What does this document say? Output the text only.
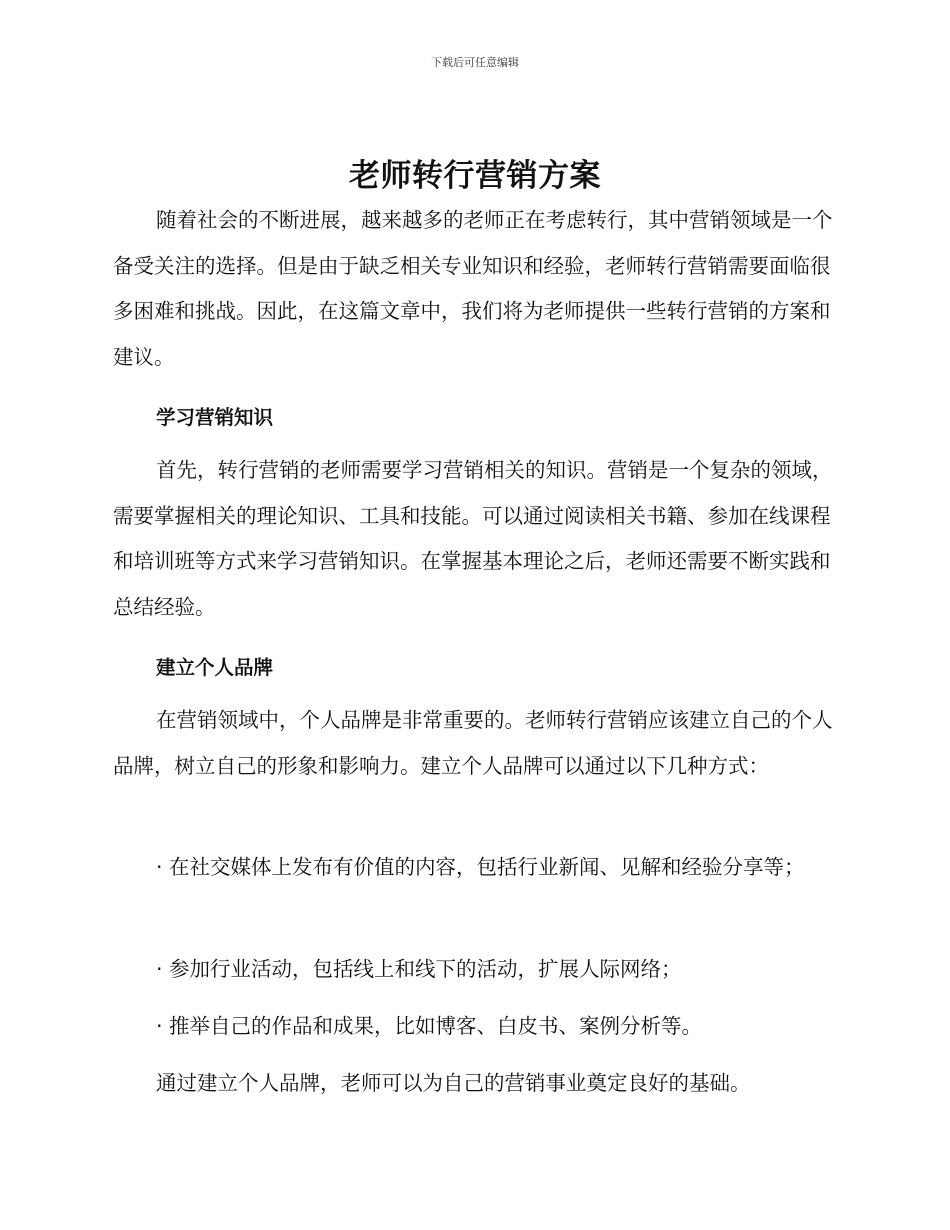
下载后可任意编辑
老师转行营销方案

随着社会的不断进展，越来越多的老师正在考虑转行，其中营销领域是一个备受关注的选择。但是由于缺乏相关专业知识和经验，老师转行营销需要面临很多困难和挑战。因此，在这篇文章中，我们将为老师提供一些转行营销的方案和建议。

学习营销知识

首先，转行营销的老师需要学习营销相关的知识。营销是一个复杂的领域，需要掌握相关的理论知识、工具和技能。可以通过阅读相关书籍、参加在线课程和培训班等方式来学习营销知识。在掌握基本理论之后，老师还需要不断实践和总结经验。

建立个人品牌

在营销领域中，个人品牌是非常重要的。老师转行营销应该建立自己的个人品牌，树立自己的形象和影响力。建立个人品牌可以通过以下几种方式：

· 在社交媒体上发布有价值的内容，包括行业新闻、见解和经验分享等；

· 参加行业活动，包括线上和线下的活动，扩展人际网络；

· 推举自己的作品和成果，比如博客、白皮书、案例分析等。

通过建立个人品牌，老师可以为自己的营销事业奠定良好的基础。
